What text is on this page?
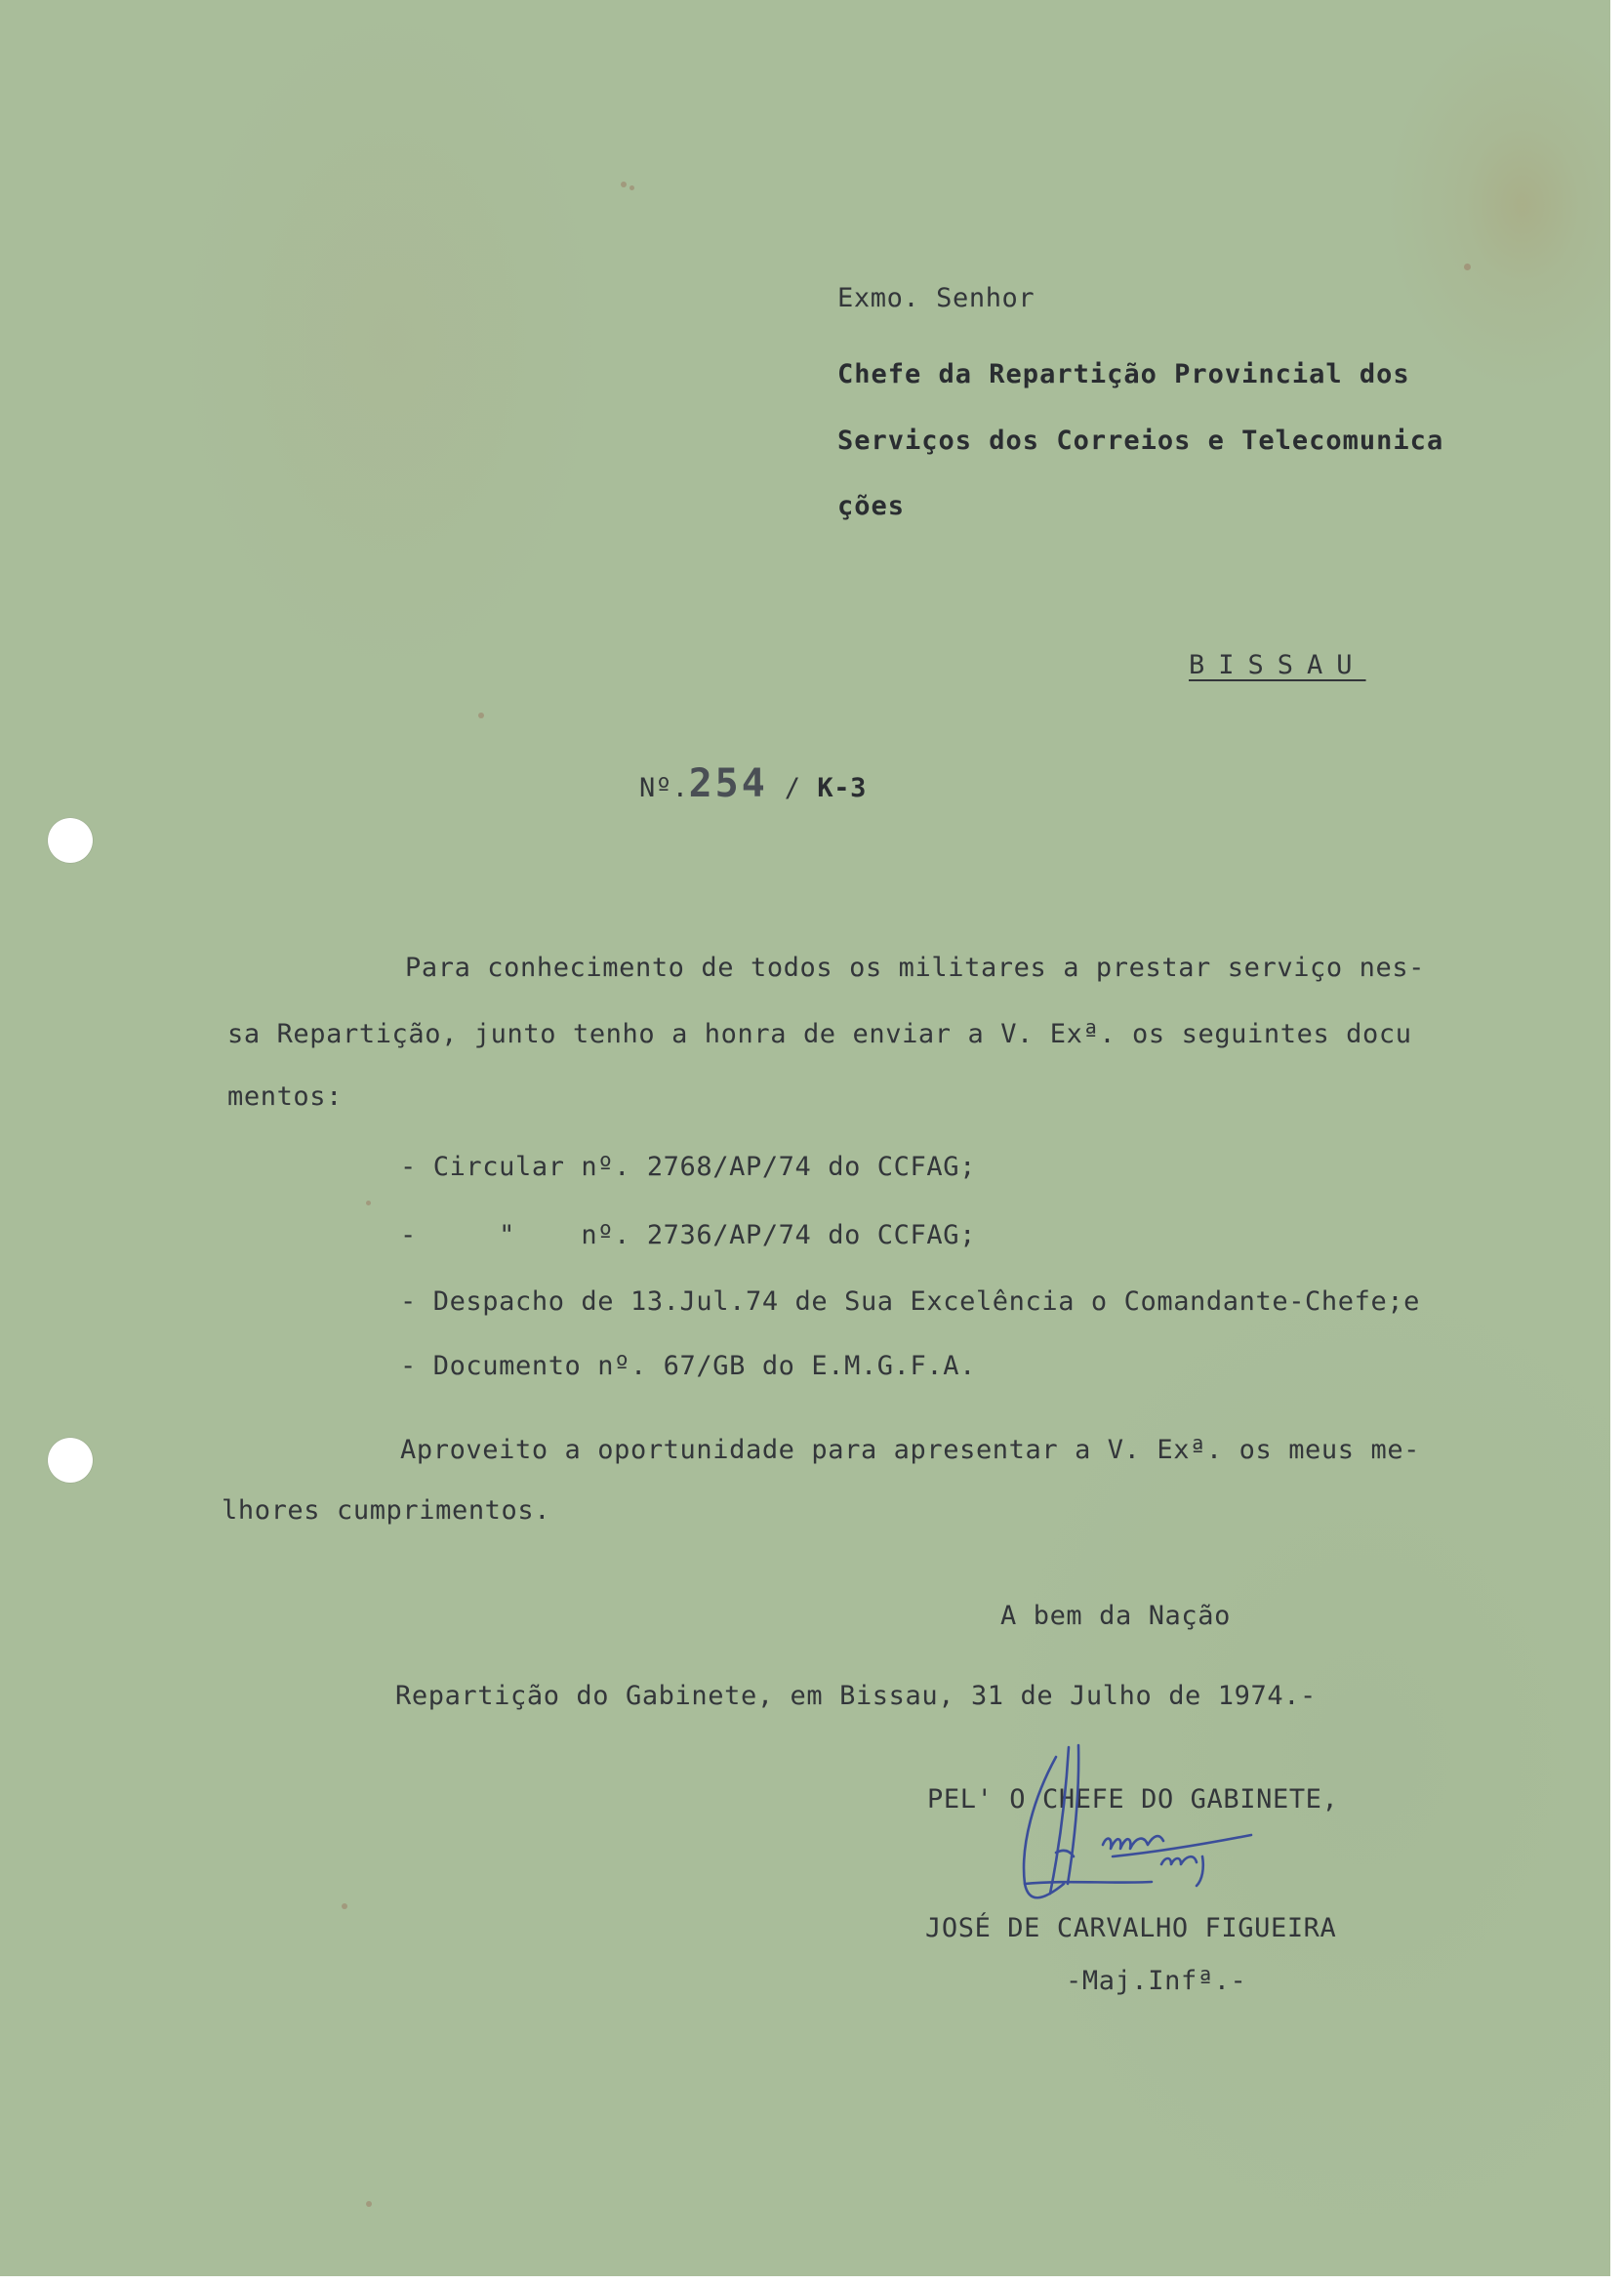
Exmo. Senhor

Chefe da Repartição Provincial dos

Serviços dos Correios e Telecomunica

ções

BISSAU

Nº.254 / K-3

Para conhecimento de todos os militares a prestar serviço nes-

sa Repartição, junto tenho a honra de enviar a V. Exª. os seguintes docu

mentos:

- Circular nº. 2768/AP/74 do CCFAG;

-     "    nº. 2736/AP/74 do CCFAG;

- Despacho de 13.Jul.74 de Sua Excelência o Comandante-Chefe;e

- Documento nº. 67/GB do E.M.G.F.A.

Aproveito a oportunidade para apresentar a V. Exª. os meus me-

lhores cumprimentos.

A bem da Nação

Repartição do Gabinete, em Bissau, 31 de Julho de 1974.-

PEL' O CHEFE DO GABINETE,

JOSÉ DE CARVALHO FIGUEIRA

-Maj.Infª.-
